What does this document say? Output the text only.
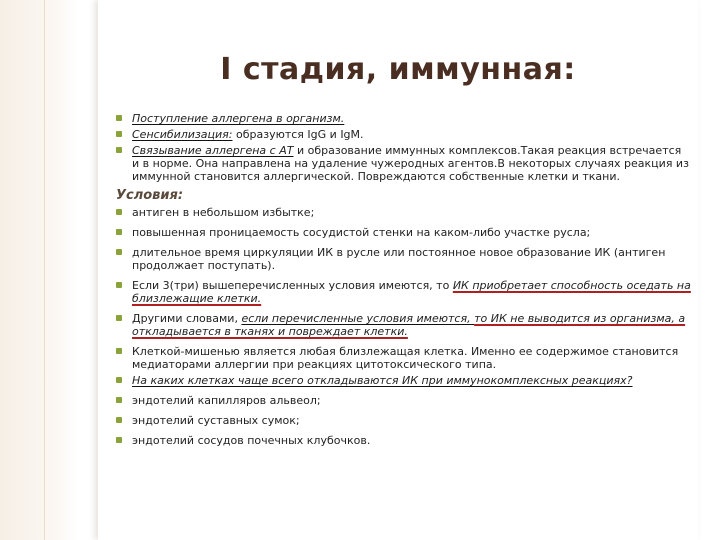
I стадия, иммунная:
Поступление аллергена в организм.
Сенсибилизация: образуются IgG и IgM.
Связывание аллергена с АТ и образование иммунных комплексов.Такая реакция встречается и в норме. Она направлена на удаление чужеродных агентов.В некоторых случаях реакция из иммунной становится аллергической. Повреждаются собственные клетки и ткани.
Условия:
антиген в небольшом избытке;
повышенная проницаемость сосудистой стенки на каком-либо участке русла;
длительное время циркуляции ИК в русле или постоянное новое образование ИК (антиген продолжает поступать).
Если 3(три) вышеперечисленных условия имеются, то ИК приобретает способность оседать на близлежащие клетки.
Другими словами, если перечисленные условия имеются, то ИК не выводится из организма, а откладывается в тканях и повреждает клетки.
Клеткой-мишенью является любая близлежащая клетка. Именно ее содержимое становится медиаторами аллергии при реакциях цитотоксического типа.
На каких клетках чаще всего откладываются ИК при иммунокомплексных реакциях?
эндотелий капилляров альвеол;
эндотелий суставных сумок;
эндотелий сосудов почечных клубочков.
